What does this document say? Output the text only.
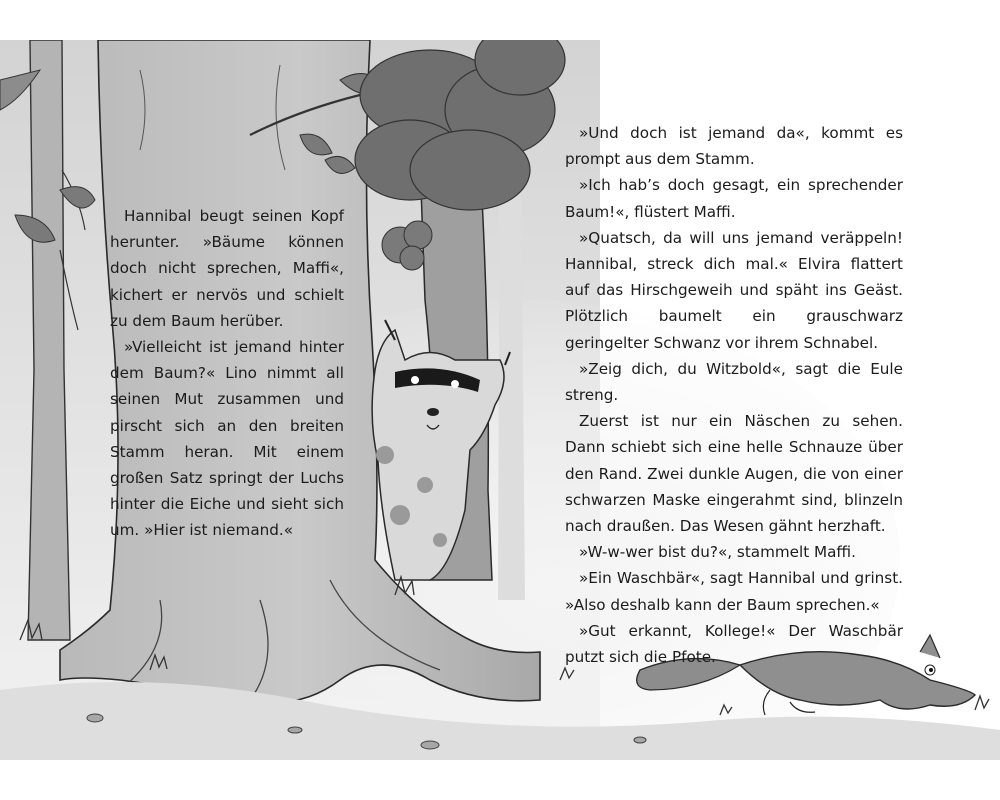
Hannibal beugt seinen Kopf herunter. »Bäume können doch nicht sprechen, Maffi«, kichert er nervös und schielt zu dem Baum herüber.

»Vielleicht ist jemand hinter dem Baum?« Lino nimmt all seinen Mut zusammen und pirscht sich an den breiten Stamm heran. Mit einem großen Satz springt der Luchs hinter die Eiche und sieht sich um. »Hier ist niemand.«

»Und doch ist jemand da«, kommt es prompt aus dem Stamm.

»Ich hab’s doch gesagt, ein sprechender Baum!«, flüstert Maffi.

»Quatsch, da will uns jemand veräppeln! Hannibal, streck dich mal.« Elvira flattert auf das Hirschgeweih und späht ins Geäst. Plötzlich baumelt ein grauschwarz geringelter Schwanz vor ihrem Schnabel.

»Zeig dich, du Witzbold«, sagt die Eule streng.

Zuerst ist nur ein Näschen zu sehen. Dann schiebt sich eine helle Schnauze über den Rand. Zwei dunkle Augen, die von einer schwarzen Maske eingerahmt sind, blinzeln nach draußen. Das Wesen gähnt herzhaft.

»W-w-wer bist du?«, stammelt Maffi.

»Ein Waschbär«, sagt Hannibal und grinst. »Also deshalb kann der Baum sprechen.«

»Gut erkannt, Kollege!« Der Waschbär putzt sich die Pfote.
